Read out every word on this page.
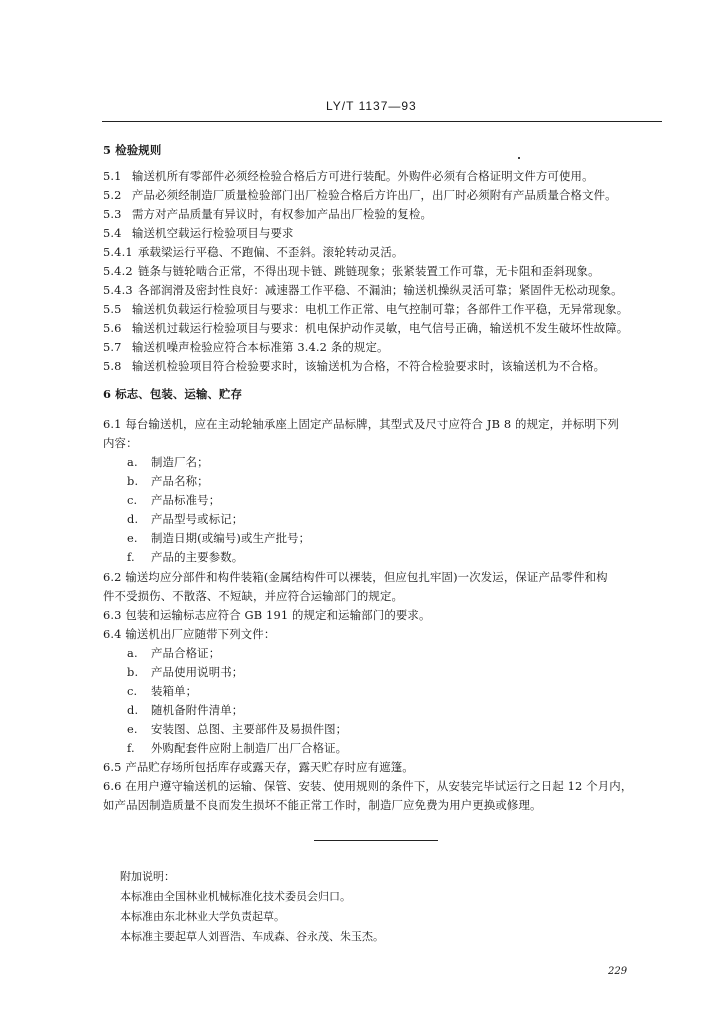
LY/T 1137—93
5 检验规则
5.1 输送机所有零部件必须经检验合格后方可进行装配。外购件必须有合格证明文件方可使用。
5.2 产品必须经制造厂质量检验部门出厂检验合格后方许出厂，出厂时必须附有产品质量合格文件。
5.3 需方对产品质量有异议时，有权参加产品出厂检验的复检。
5.4 输送机空载运行检验项目与要求
5.4.1 承载梁运行平稳、不跑偏、不歪斜。滚轮转动灵活。
5.4.2 链条与链轮啮合正常，不得出现卡链、跳链现象；张紧装置工作可靠，无卡阻和歪斜现象。
5.4.3 各部润滑及密封性良好：减速器工作平稳、不漏油；输送机操纵灵活可靠；紧固件无松动现象。
5.5 输送机负载运行检验项目与要求：电机工作正常、电气控制可靠；各部件工作平稳，无异常现象。
5.6 输送机过载运行检验项目与要求：机电保护动作灵敏，电气信号正确，输送机不发生破坏性故障。
5.7 输送机噪声检验应符合本标准第 3.4.2 条的规定。
5.8 输送机检验项目符合检验要求时，该输送机为合格，不符合检验要求时，该输送机为不合格。
6 标志、包装、运输、贮存
6.1 每台输送机，应在主动轮轴承座上固定产品标牌，其型式及尺寸应符合 JB 8 的规定，并标明下列
内容：
a. 制造厂名；
b. 产品名称；
c. 产品标准号；
d. 产品型号或标记；
e. 制造日期(或编号)或生产批号；
f. 产品的主要参数。
6.2 输送均应分部件和构件装箱(金属结构件可以裸装，但应包扎牢固)一次发运，保证产品零件和构
件不受损伤、不散落、不短缺，并应符合运输部门的规定。
6.3 包装和运输标志应符合 GB 191 的规定和运输部门的要求。
6.4 输送机出厂应随带下列文件：
a. 产品合格证；
b. 产品使用说明书；
c. 装箱单；
d. 随机备附件清单；
e. 安装图、总图、主要部件及易损件图；
f. 外购配套件应附上制造厂出厂合格证。
6.5 产品贮存场所包括库存或露天存，露天贮存时应有遮篷。
6.6 在用户遵守输送机的运输、保管、安装、使用规则的条件下，从安装完毕试运行之日起 12 个月内，
如产品因制造质量不良而发生损坏不能正常工作时，制造厂应免费为用户更换或修理。
附加说明：
本标准由全国林业机械标准化技术委员会归口。
本标准由东北林业大学负责起草。
本标准主要起草人刘晋浩、车成森、谷永茂、朱玉杰。
229
